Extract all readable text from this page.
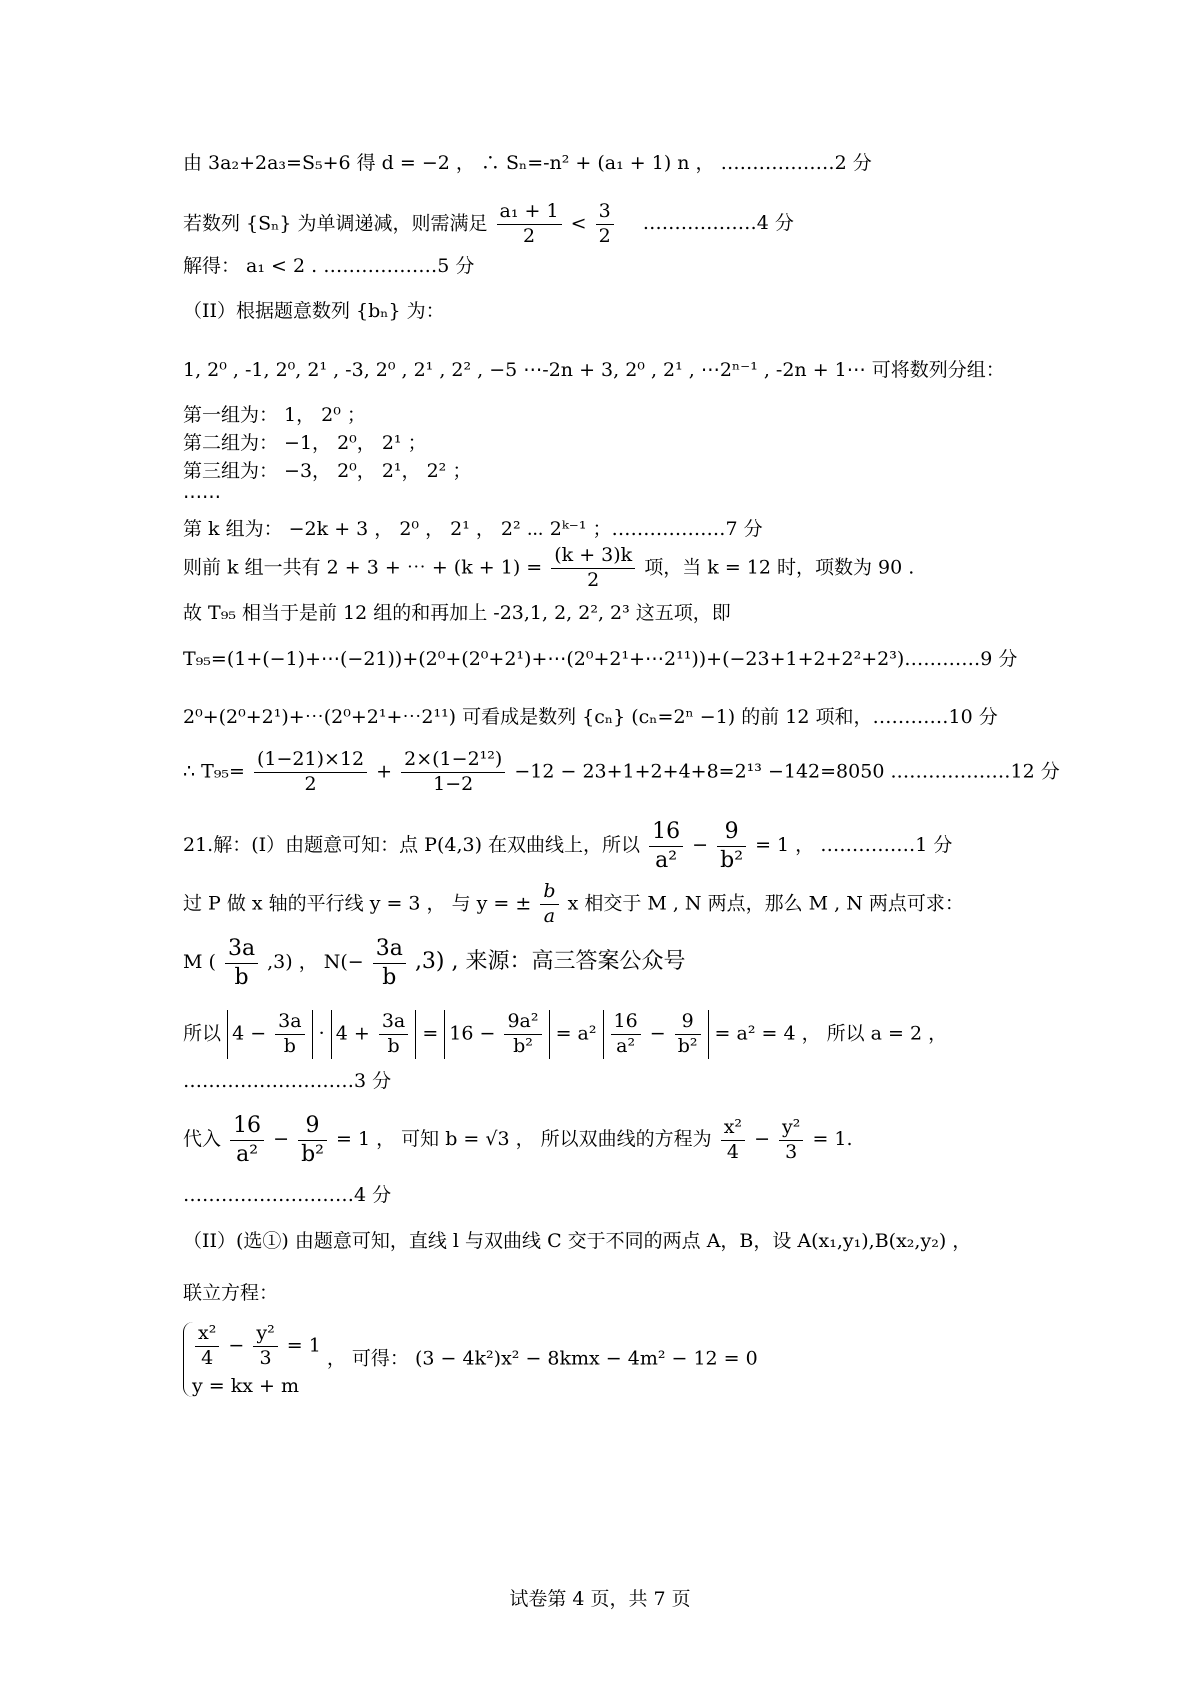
由 3a₂+2a₃=S₅+6 得 d = −2 ， ∴ Sₙ=-n² + (a₁ + 1) n ， ………………2 分
若数列 {Sₙ} 为单调递减，则需满足 $\frac{\text{a₁ + 1}}{2} < \frac{3}{2}$ ………………4 分
解得： a₁ < 2 . ………………5 分
（II）根据题意数列 {bₙ} 为：
1, 2⁰ , -1, 2⁰, 2¹ , -3, 2⁰ , 2¹ , 2² , −5 ⋯-2n + 3, 2⁰ , 2¹ , ⋯2ⁿ⁻¹ , -2n + 1⋯ 可将数列分组：
第一组为： 1， 2⁰ ；
第二组为： −1， 2⁰， 2¹ ；
第三组为： −3， 2⁰， 2¹， 2² ；
⋯⋯
第 k 组为： −2k + 3 ， 2⁰ ， 2¹ ， 2² ⋯ 2ᵏ⁻¹ ；………………7 分
则前 k 组一共有 2 + 3 + ⋯ + $(k + 1) = \frac{(k + 3)k}{2}$ 项，当 k = 12 时，项数为 90 .
故 T₉₅ 相当于是前 12 组的和再加上 -23,1, 2, 2², 2³ 这五项，即
T₉₅=(1+(−1)+⋯(−21))+(2⁰+(2⁰+2¹)+⋯(2⁰+2¹+⋯2¹¹))+(−23+1+2+2²+2³)…………9 分
2⁰+(2⁰+2¹)+⋯(2⁰+2¹+⋯2¹¹) 可看成是数列 {cₙ} (cₙ=2ⁿ −1) 的前 12 项和，…………10 分
∴ $T_{95}= \frac{(1-21)\times 12}{2} + \frac{\text{2×(1−2¹²)}}{1-2} -12 - 23+1+2+4+8=2^{13} -142=8050$ .………………12 分
21.解：(I）由题意可知：点 P(4,3) 在双曲线上，所以 $\frac{16}{\text{a²}} - \frac{9}{\text{b²}} = 1$ ， ……………1 分
过 P 做 x 轴的平行线 y = 3 ， 与 y = ± $\frac{b}{a}$ x 相交于 M , N 两点，那么 M , N 两点可求：
M ( $\frac{3a}{b} ,3$) ， $N(- \frac{3a}{b} ,3)$ , 来源：高三答案公众号
所以 $4 - \frac{3a}{b} \cdot 4 + \frac{3a}{b} = 16 - \frac{\text{9a²}}{\text{b²}} = a^2 \frac{16}{\text{a²}} - \frac{9}{\text{b²}} = a^2 = 4$ ， 所以 a = 2 ，
………………………3 分
代入 $\frac{16}{\text{a²}} - \frac{9}{\text{b²}} = 1$ ， 可知 b = √3 ， 所以双曲线的方程为 $\frac{\text{x²}}{4} - \frac{\text{y²}}{3} = 1$.
………………………4 分
（II）(选①) 由题意可知，直线 l 与双曲线 C 交于不同的两点 A，B，设 A(x₁,y₁),B(x₂,y₂) ，
联立方程：
$\frac{\text{x²}}{4} - \frac{\text{y²}}{3} = 1$
y = kx + m
， 可得： (3 − 4k²)x² − 8kmx − 4m² − 12 = 0
试卷第 4 页，共 7 页
